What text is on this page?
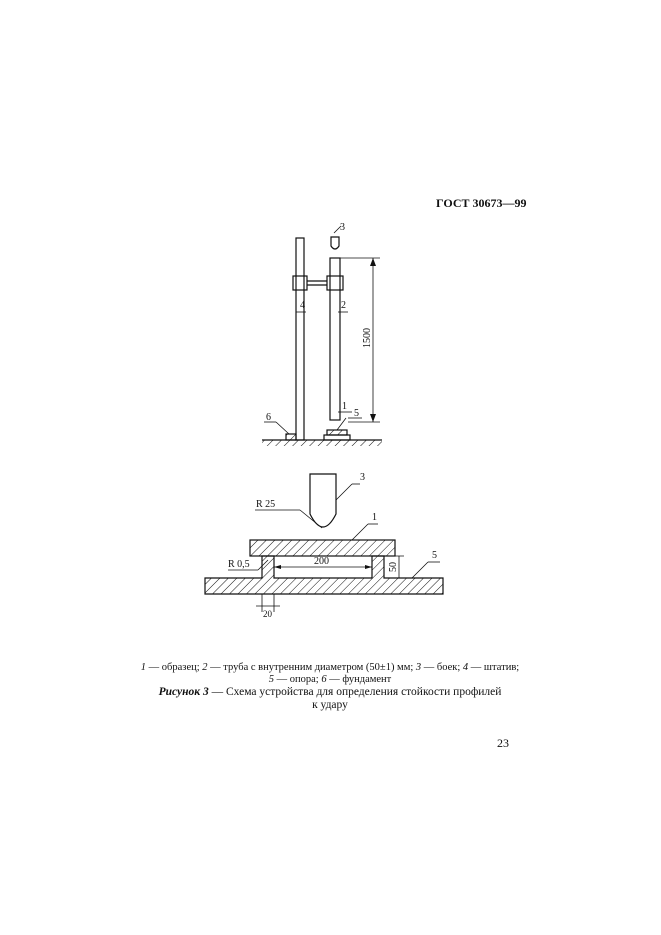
ГОСТ 30673—99
3
4	2
1
5
6
1500
3
1
5
R 25
R 0,5	200	50
20
1 — образец; 2 — труба с внутренним диаметром (50±1) мм; 3 — боек; 4 — штатив;
5 — опора; 6 — фундамент
Рисунок 3 — Схема устройства для определения стойкости профилей
к удару
23
